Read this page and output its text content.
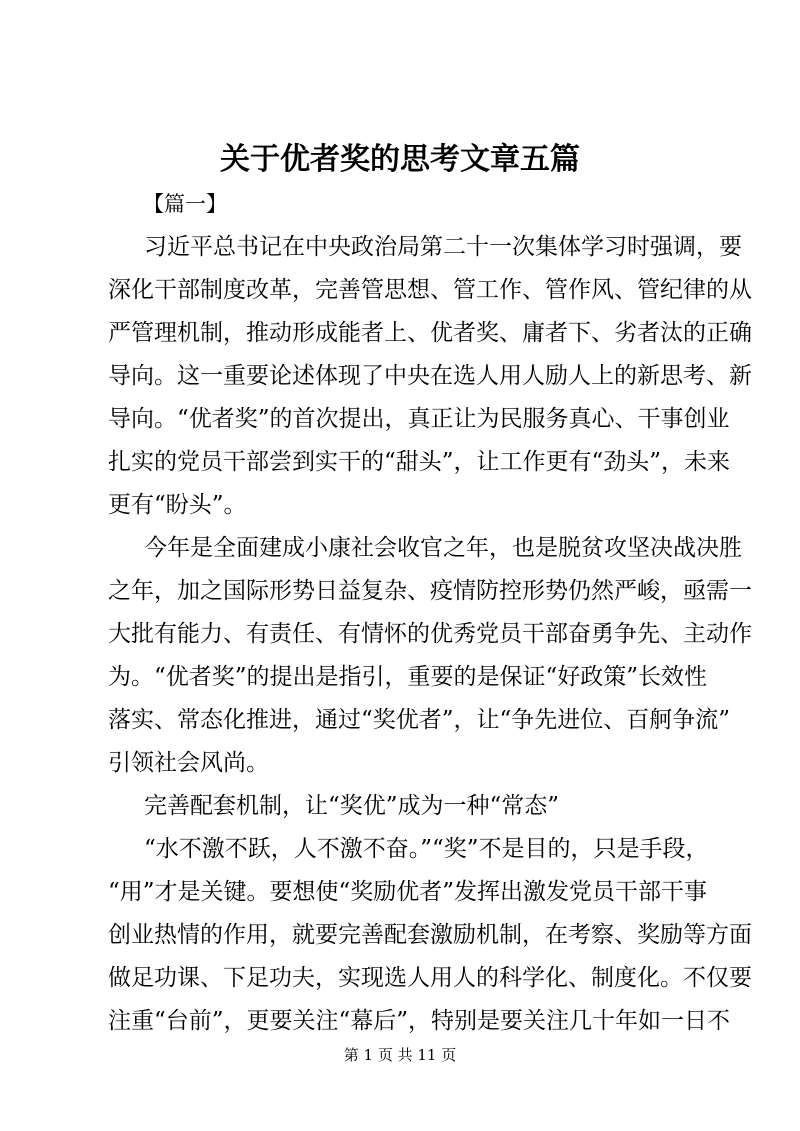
关于优者奖的思考文章五篇
【篇一】
习近平总书记在中央政治局第二十一次集体学习时强调，要
深化干部制度改革，完善管思想、管工作、管作风、管纪律的从
严管理机制，推动形成能者上、优者奖、庸者下、劣者汰的正确
导向。这一重要论述体现了中央在选人用人励人上的新思考、新
导向。“优者奖”的首次提出，真正让为民服务真心、干事创业
扎实的党员干部尝到实干的“甜头”，让工作更有“劲头”，未来
更有“盼头”。
今年是全面建成小康社会收官之年，也是脱贫攻坚决战决胜
之年，加之国际形势日益复杂、疫情防控形势仍然严峻，亟需一
大批有能力、有责任、有情怀的优秀党员干部奋勇争先、主动作
为。“优者奖”的提出是指引，重要的是保证“好政策”长效性
落实、常态化推进，通过“奖优者”，让“争先进位、百舸争流”
引领社会风尚。
完善配套机制，让“奖优”成为一种“常态”
“水不激不跃，人不激不奋。”“奖”不是目的，只是手段，
“用”才是关键。要想使“奖励优者”发挥出激发党员干部干事
创业热情的作用，就要完善配套激励机制，在考察、奖励等方面
做足功课、下足功夫，实现选人用人的科学化、制度化。不仅要
注重“台前”，更要关注“幕后”，特别是要关注几十年如一日不
第 1 页 共 11 页
